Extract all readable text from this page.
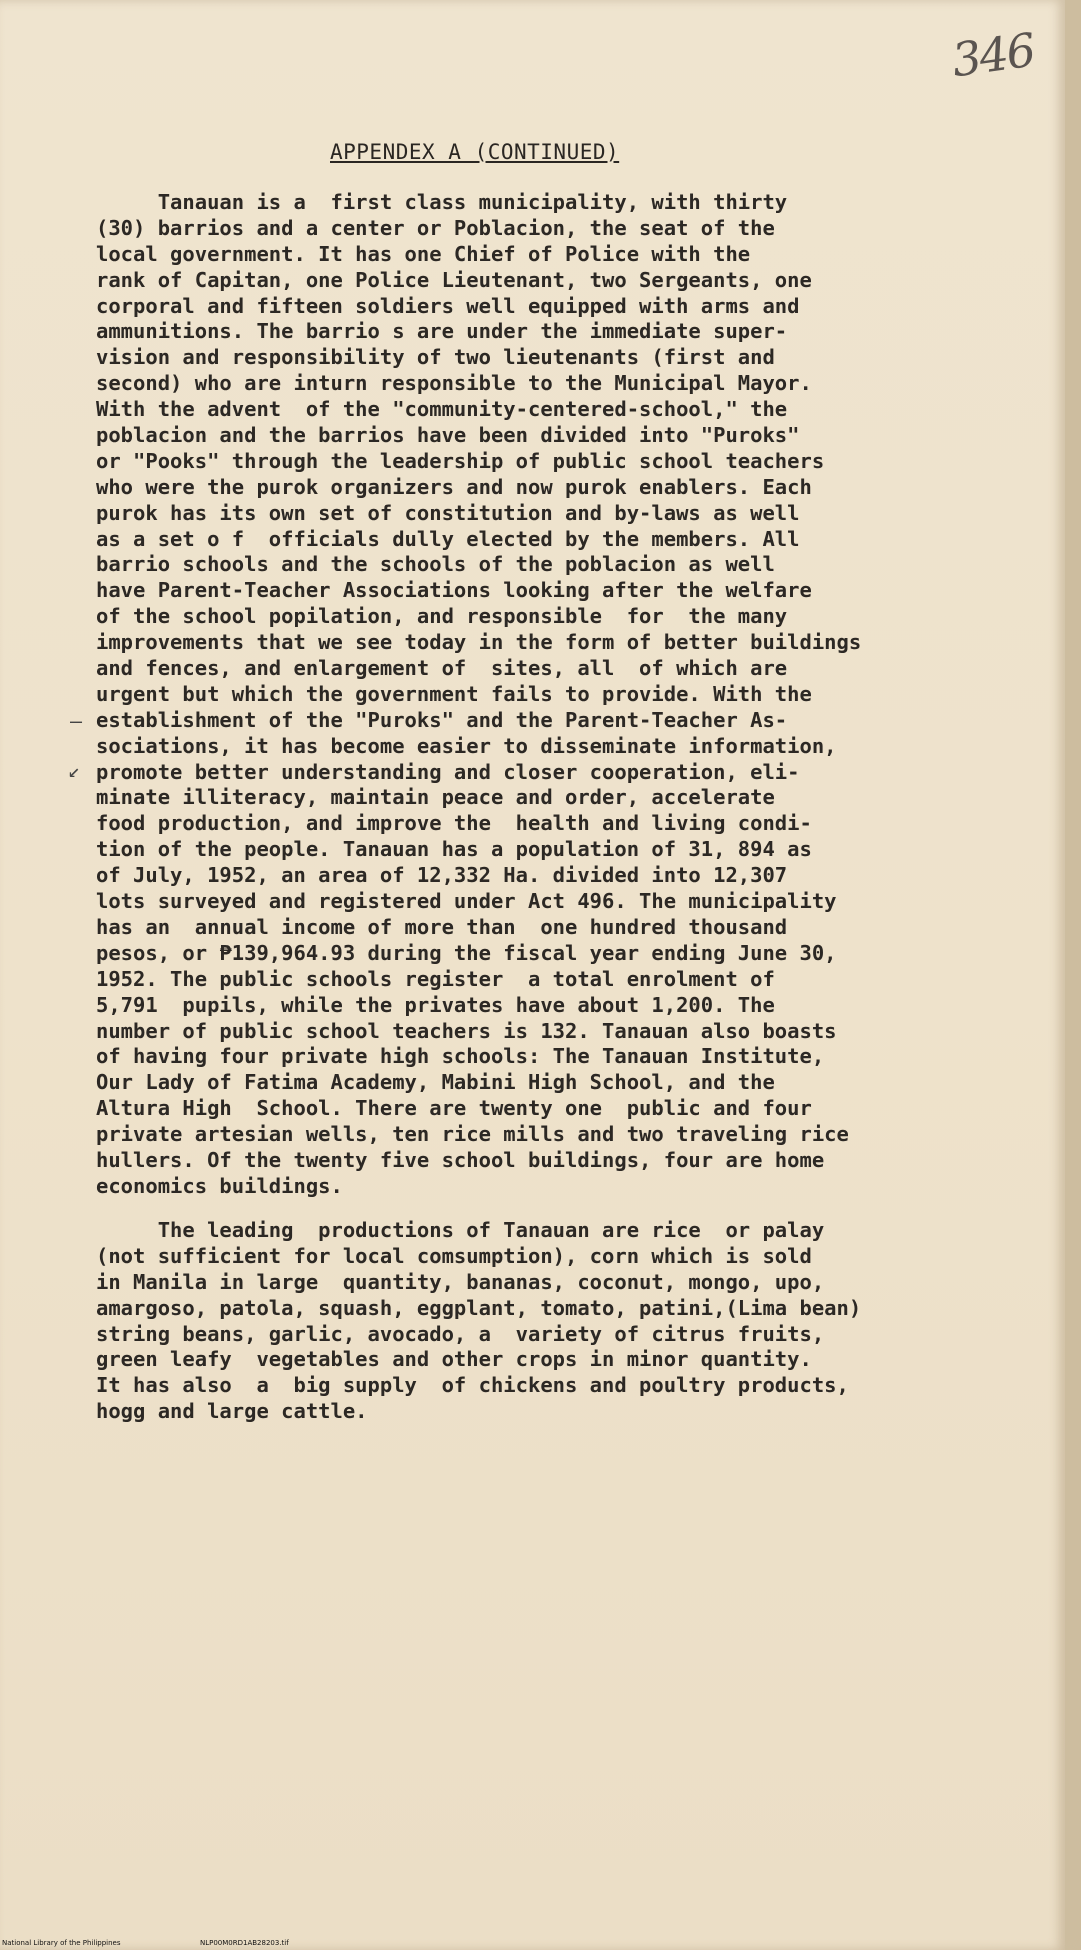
346
APPENDEX A (CONTINUED)
Tanauan is a  first class municipality, with thirty
(30) barrios and a center or Poblacion, the seat of the
local government. It has one Chief of Police with the
rank of Capitan, one Police Lieutenant, two Sergeants, one
corporal and fifteen soldiers well equipped with arms and
ammunitions. The barrio s are under the immediate super-
vision and responsibility of two lieutenants (first and
second) who are inturn responsible to the Municipal Mayor.
With the advent  of the "community-centered-school," the
poblacion and the barrios have been divided into "Puroks"
or "Pooks" through the leadership of public school teachers
who were the purok organizers and now purok enablers. Each
purok has its own set of constitution and by-laws as well
as a set o f  officials dully elected by the members. All
barrio schools and the schools of the poblacion as well
have Parent-Teacher Associations looking after the welfare
of the school popilation, and responsible  for  the many
improvements that we see today in the form of better buildings
and fences, and enlargement of  sites, all  of which are
urgent but which the government fails to provide. With the
establishment of the "Puroks" and the Parent-Teacher As-
sociations, it has become easier to disseminate information,
promote better understanding and closer cooperation, eli-
minate illiteracy, maintain peace and order, accelerate
food production, and improve the  health and living condi-
tion of the people. Tanauan has a population of 31, 894 as
of July, 1952, an area of 12,332 Ha. divided into 12,307
lots surveyed and registered under Act 496. The municipality
has an  annual income of more than  one hundred thousand
pesos, or ₱139,964.93 during the fiscal year ending June 30,
1952. The public schools register  a total enrolment of
5,791  pupils, while the privates have about 1,200. The
number of public school teachers is 132. Tanauan also boasts
of having four private high schools: The Tanauan Institute,
Our Lady of Fatima Academy, Mabini High School, and the
Altura High  School. There are twenty one  public and four
private artesian wells, ten rice mills and two traveling rice
hullers. Of the twenty five school buildings, four are home
economics buildings.
The leading  productions of Tanauan are rice  or palay
(not sufficient for local comsumption), corn which is sold
in Manila in large  quantity, bananas, coconut, mongo, upo,
amargoso, patola, squash, eggplant, tomato, patini,(Lima bean)
string beans, garlic, avocado, a  variety of citrus fruits,
green leafy  vegetables and other crops in minor quantity.
It has also  a  big supply  of chickens and poultry products,
hogg and large cattle.
—
↙
National Library of the Philippines	NLP00M0RD1AB28203.tif
